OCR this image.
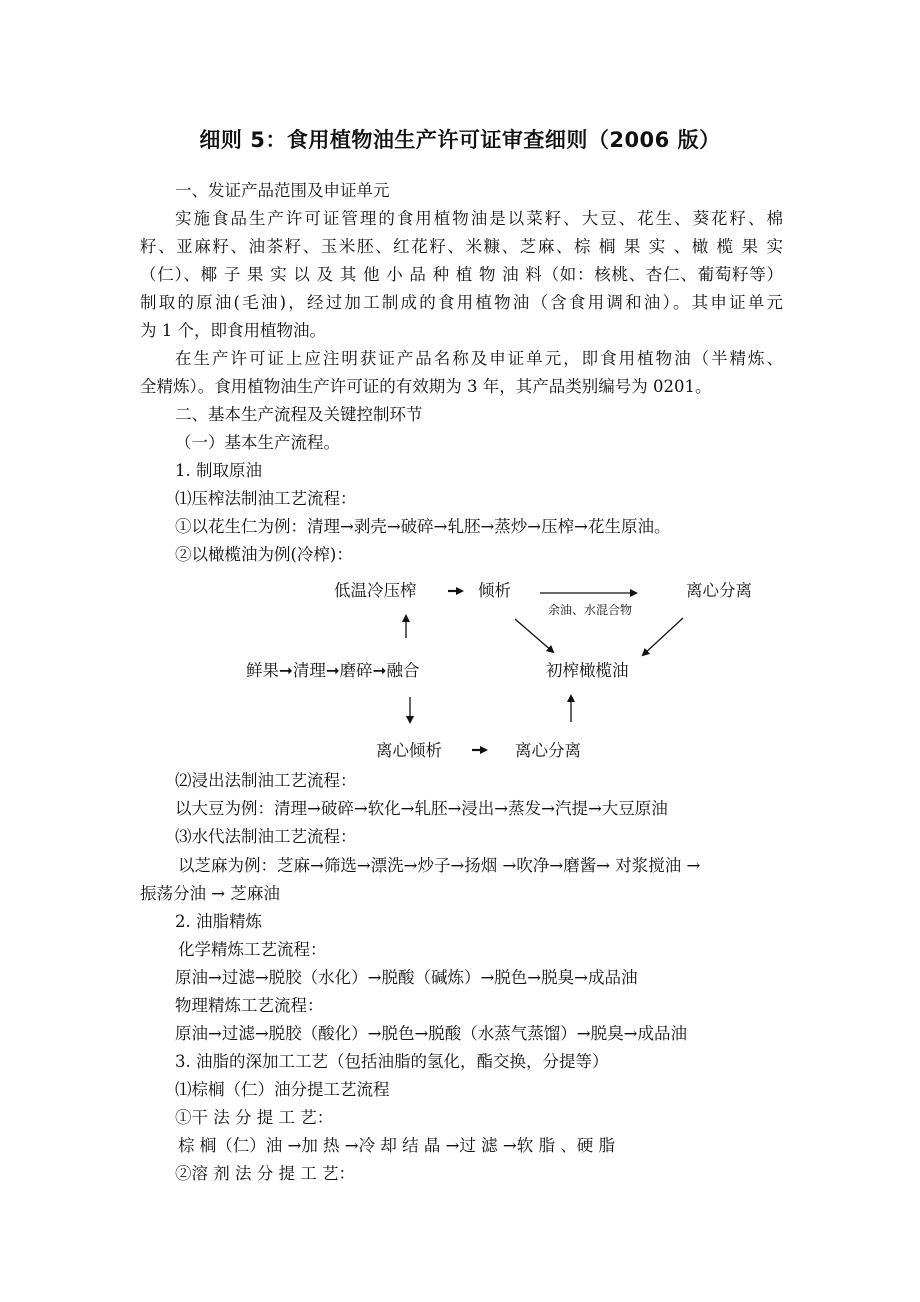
细则 5：食用植物油生产许可证审查细则（2006 版）
一、发证产品范围及申证单元
实施食品生产许可证管理的食用植物油是以菜籽、大豆、花生、葵花籽、棉
籽、亚麻籽、油茶籽、玉米胚、红花籽、米糠、芝麻、棕 榈 果 实 、橄 榄 果 实
（仁）、椰 子 果 实 以 及 其 他 小 品 种 植 物 油 料（如：核桃、杏仁、葡萄籽等）
制取的原油(毛油)，经过加工制成的食用植物油（含食用调和油）。其申证单元
为 1 个，即食用植物油。
在生产许可证上应注明获证产品名称及申证单元，即食用植物油（半精炼、
全精炼）。食用植物油生产许可证的有效期为 3 年，其产品类别编号为 0201。
二、基本生产流程及关键控制环节
（一）基本生产流程。
1. 制取原油
⑴压榨法制油工艺流程：
①以花生仁为例：清理→剥壳→破碎→轧胚→蒸炒→压榨→花生原油。
②以橄榄油为例(冷榨)：
低温冷压榨	倾析	离心分离
余油、水混合物
鲜果➞清理➞磨碎➞融合	初榨橄榄油
离心倾析	离心分离
⑵浸出法制油工艺流程：
以大豆为例：清理→破碎→软化→轧胚→浸出→蒸发→汽提→大豆原油
⑶水代法制油工艺流程：
以芝麻为例：芝麻→筛选→漂洗→炒子→扬烟 →吹净→磨酱→ 对浆搅油 →
振荡分油 → 芝麻油
2. 油脂精炼
化学精炼工艺流程：
原油→过滤→脱胶（水化）→脱酸（碱炼）→脱色→脱臭→成品油
物理精炼工艺流程：
原油→过滤→脱胶（酸化）→脱色→脱酸（水蒸气蒸馏）→脱臭→成品油
3. 油脂的深加工工艺（包括油脂的氢化，酯交换，分提等）
⑴棕榈（仁）油分提工艺流程
①干 法 分 提 工 艺：
棕 榈（仁）油 →加 热 →冷 却 结 晶 →过 滤 →软 脂 、硬 脂
②溶 剂 法 分 提 工 艺：
